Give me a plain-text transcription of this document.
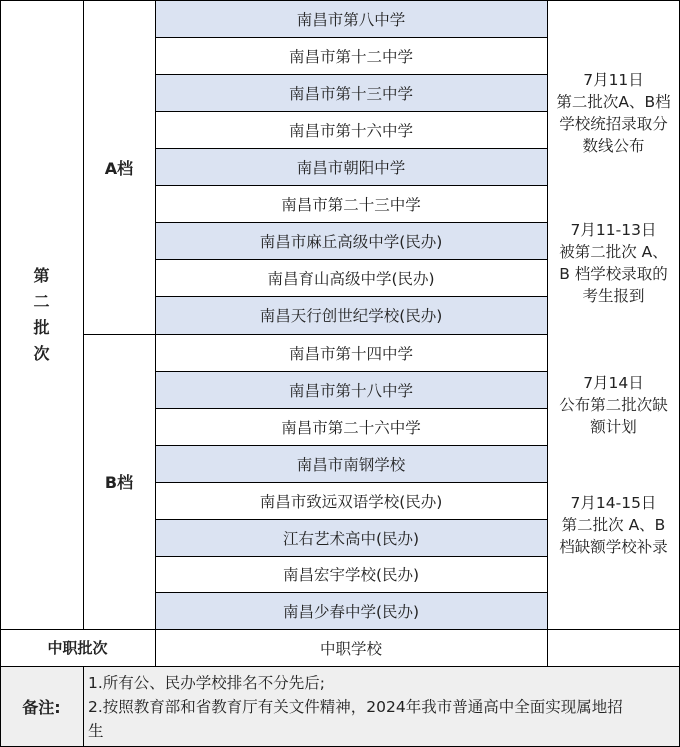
第
二
批
次
A档
B档
南昌市第八中学
南昌市第十二中学
南昌市第十三中学
南昌市第十六中学
南昌市朝阳中学
南昌市第二十三中学
南昌市麻丘高级中学(民办)
南昌育山高级中学(民办)
南昌天行创世纪学校(民办)
南昌市第十四中学
南昌市第十八中学
南昌市第二十六中学
南昌市南钢学校
南昌市致远双语学校(民办)
江右艺术高中(民办)
南昌宏宇学校(民办)
南昌少春中学(民办)
7月11日
第二批次A、B档
学校统招录取分
数线公布
7月11-13日
被第二批次 A、
B 档学校录取的
考生报到
7月14日
公布第二批次缺
额计划
7月14-15日
第二批次 A、B
档缺额学校补录
中职批次	中职学校
备注:
1.所有公、民办学校排名不分先后;
2.按照教育部和省教育厅有关文件精神，2024年我市普通高中全面实现属地招
生
